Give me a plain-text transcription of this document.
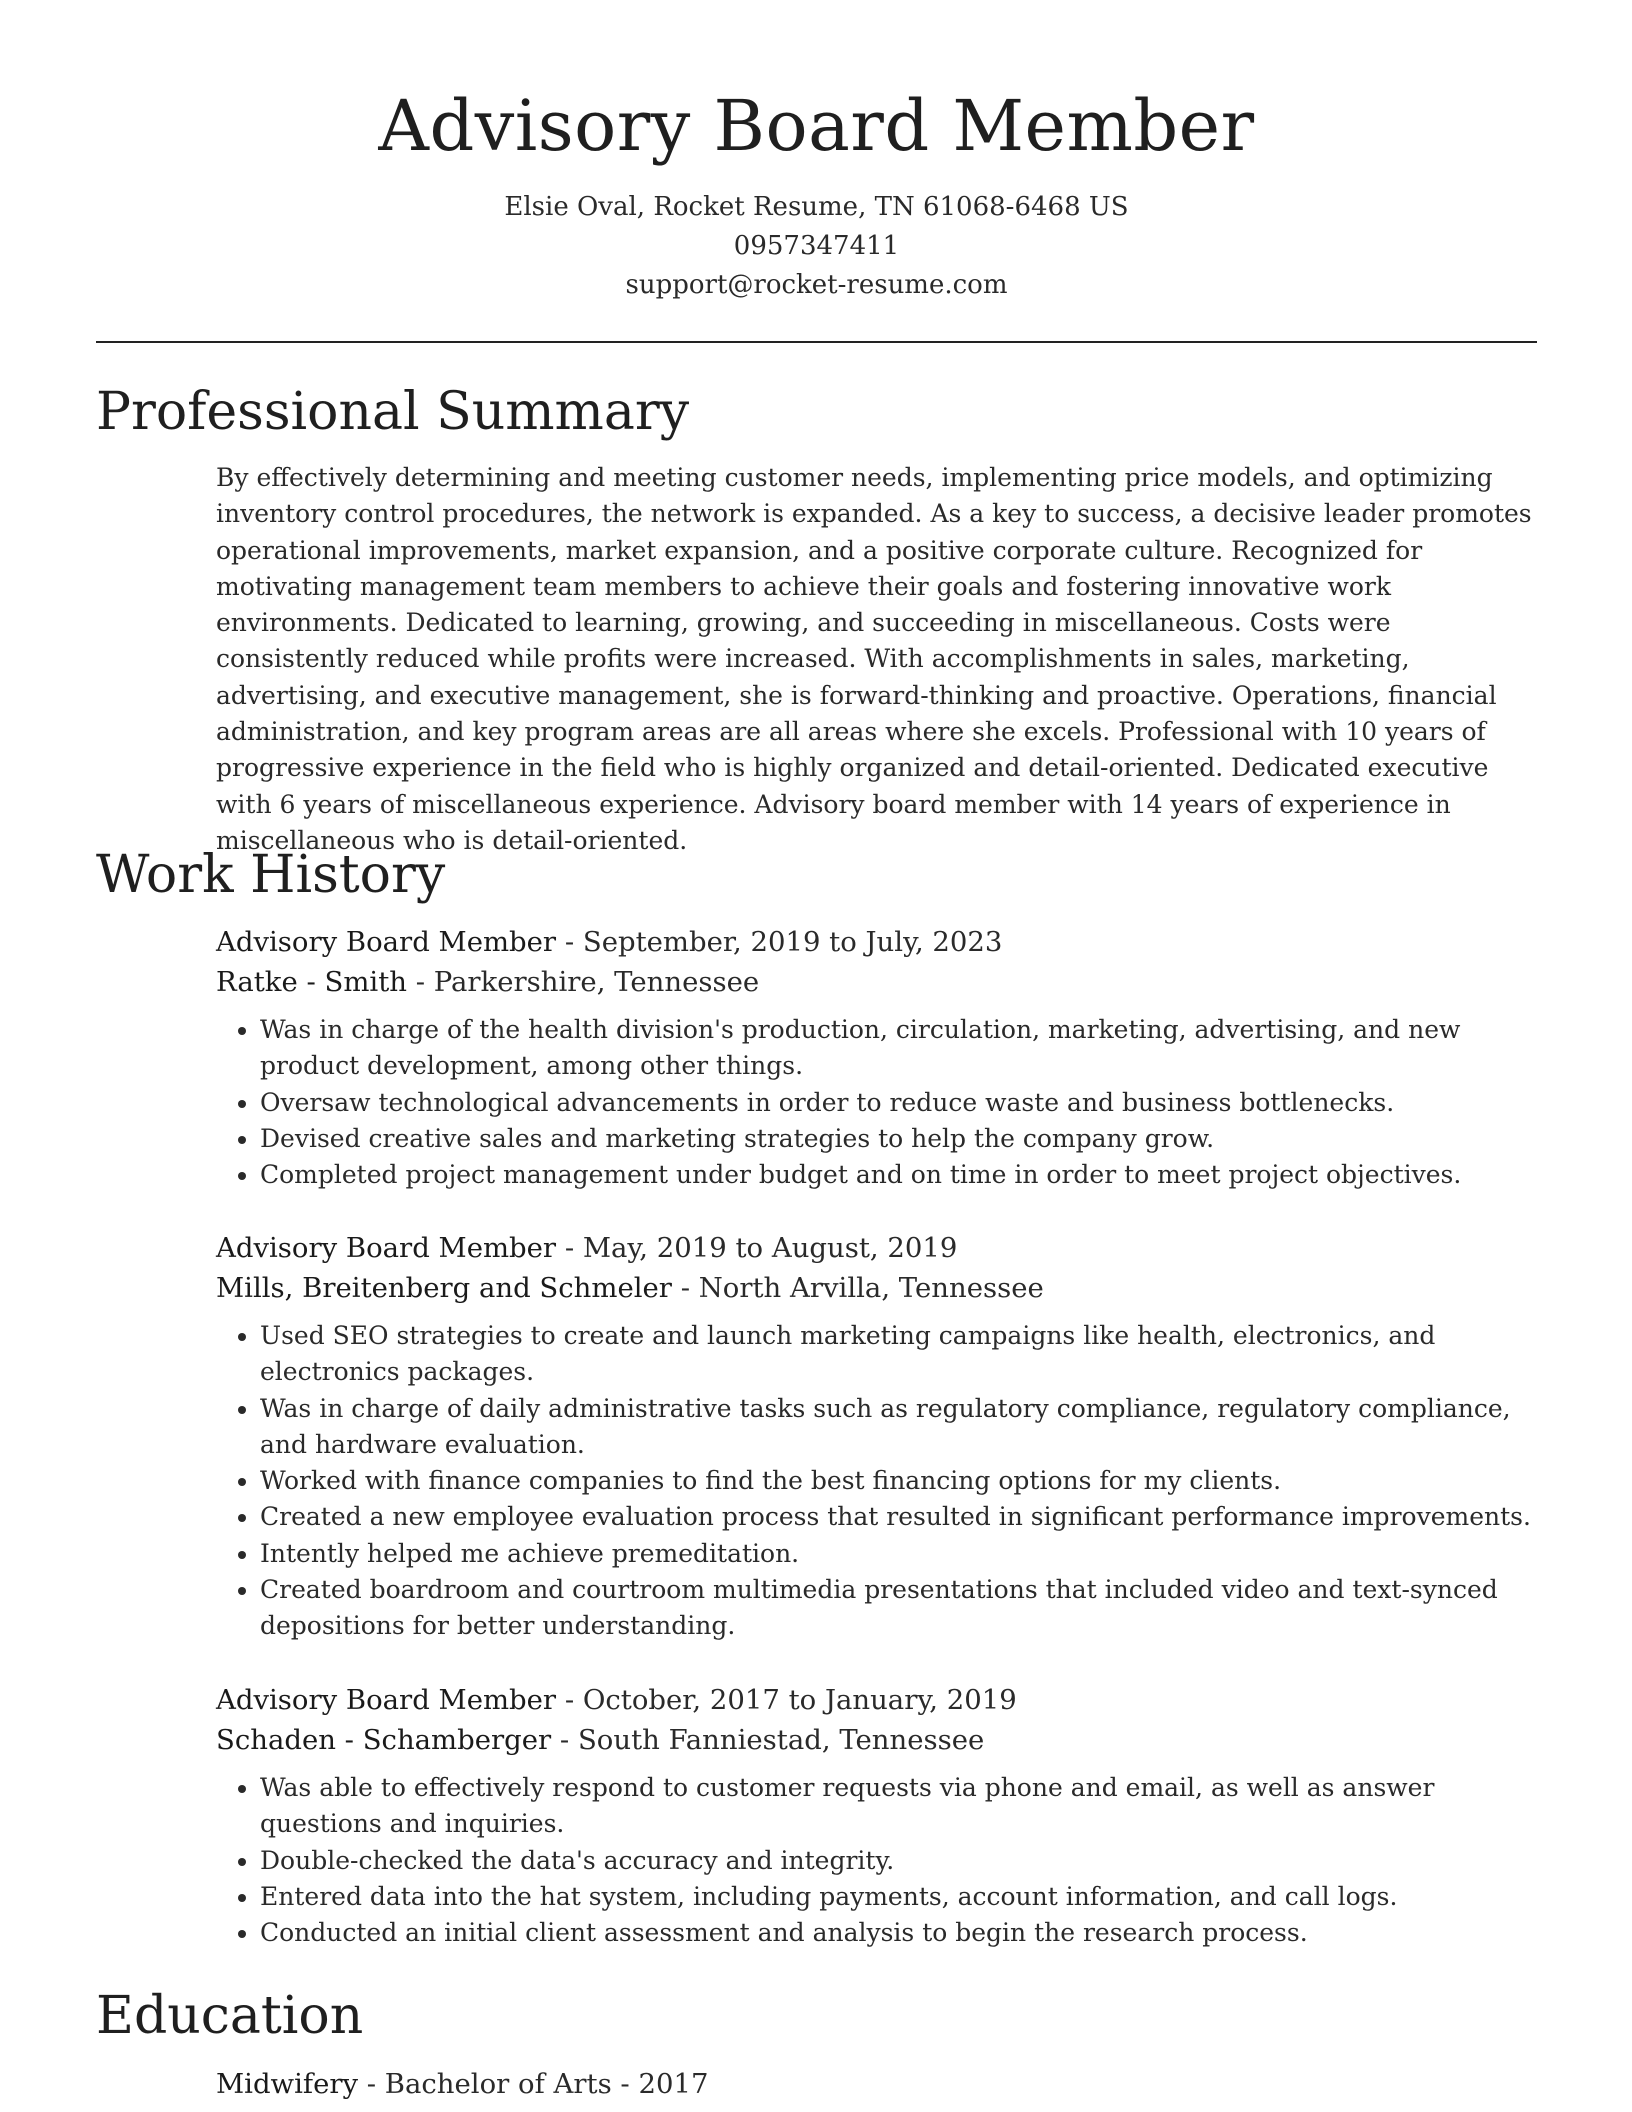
Advisory Board Member
Elsie Oval, Rocket Resume, TN 61068-6468 US
0957347411
support@rocket-resume.com
Professional Summary

By effectively determining and meeting customer needs, implementing price models, and optimizing inventory control procedures, the network is expanded. As a key to success, a decisive leader promotes operational improvements, market expansion, and a positive corporate culture. Recognized for motivating management team members to achieve their goals and fostering innovative work environments. Dedicated to learning, growing, and succeeding in miscellaneous. Costs were consistently reduced while profits were increased. With accomplishments in sales, marketing, advertising, and executive management, she is forward-thinking and proactive. Operations, financial administration, and key program areas are all areas where she excels. Professional with 10 years of progressive experience in the field who is highly organized and detail-oriented. Dedicated executive with 6 years of miscellaneous experience. Advisory board member with 14 years of experience in miscellaneous who is detail-oriented.

Work History
Advisory Board Member - September, 2019 to July, 2023
Ratke - Smith - Parkershire, Tennessee
• Was in charge of the health division's production, circulation, marketing, advertising, and new product development, among other things.
• Oversaw technological advancements in order to reduce waste and business bottlenecks.
• Devised creative sales and marketing strategies to help the company grow.
• Completed project management under budget and on time in order to meet project objectives.
Advisory Board Member - May, 2019 to August, 2019
Mills, Breitenberg and Schmeler - North Arvilla, Tennessee
• Used SEO strategies to create and launch marketing campaigns like health, electronics, and electronics packages.
• Was in charge of daily administrative tasks such as regulatory compliance, regulatory compliance, and hardware evaluation.
• Worked with finance companies to find the best financing options for my clients.
• Created a new employee evaluation process that resulted in significant performance improvements.
• Intently helped me achieve premeditation.
• Created boardroom and courtroom multimedia presentations that included video and text-synced depositions for better understanding.
Advisory Board Member - October, 2017 to January, 2019
Schaden - Schamberger - South Fanniestad, Tennessee
• Was able to effectively respond to customer requests via phone and email, as well as answer questions and inquiries.
• Double-checked the data's accuracy and integrity.
• Entered data into the hat system, including payments, account information, and call logs.
• Conducted an initial client assessment and analysis to begin the research process.
Education
Midwifery - Bachelor of Arts - 2017
